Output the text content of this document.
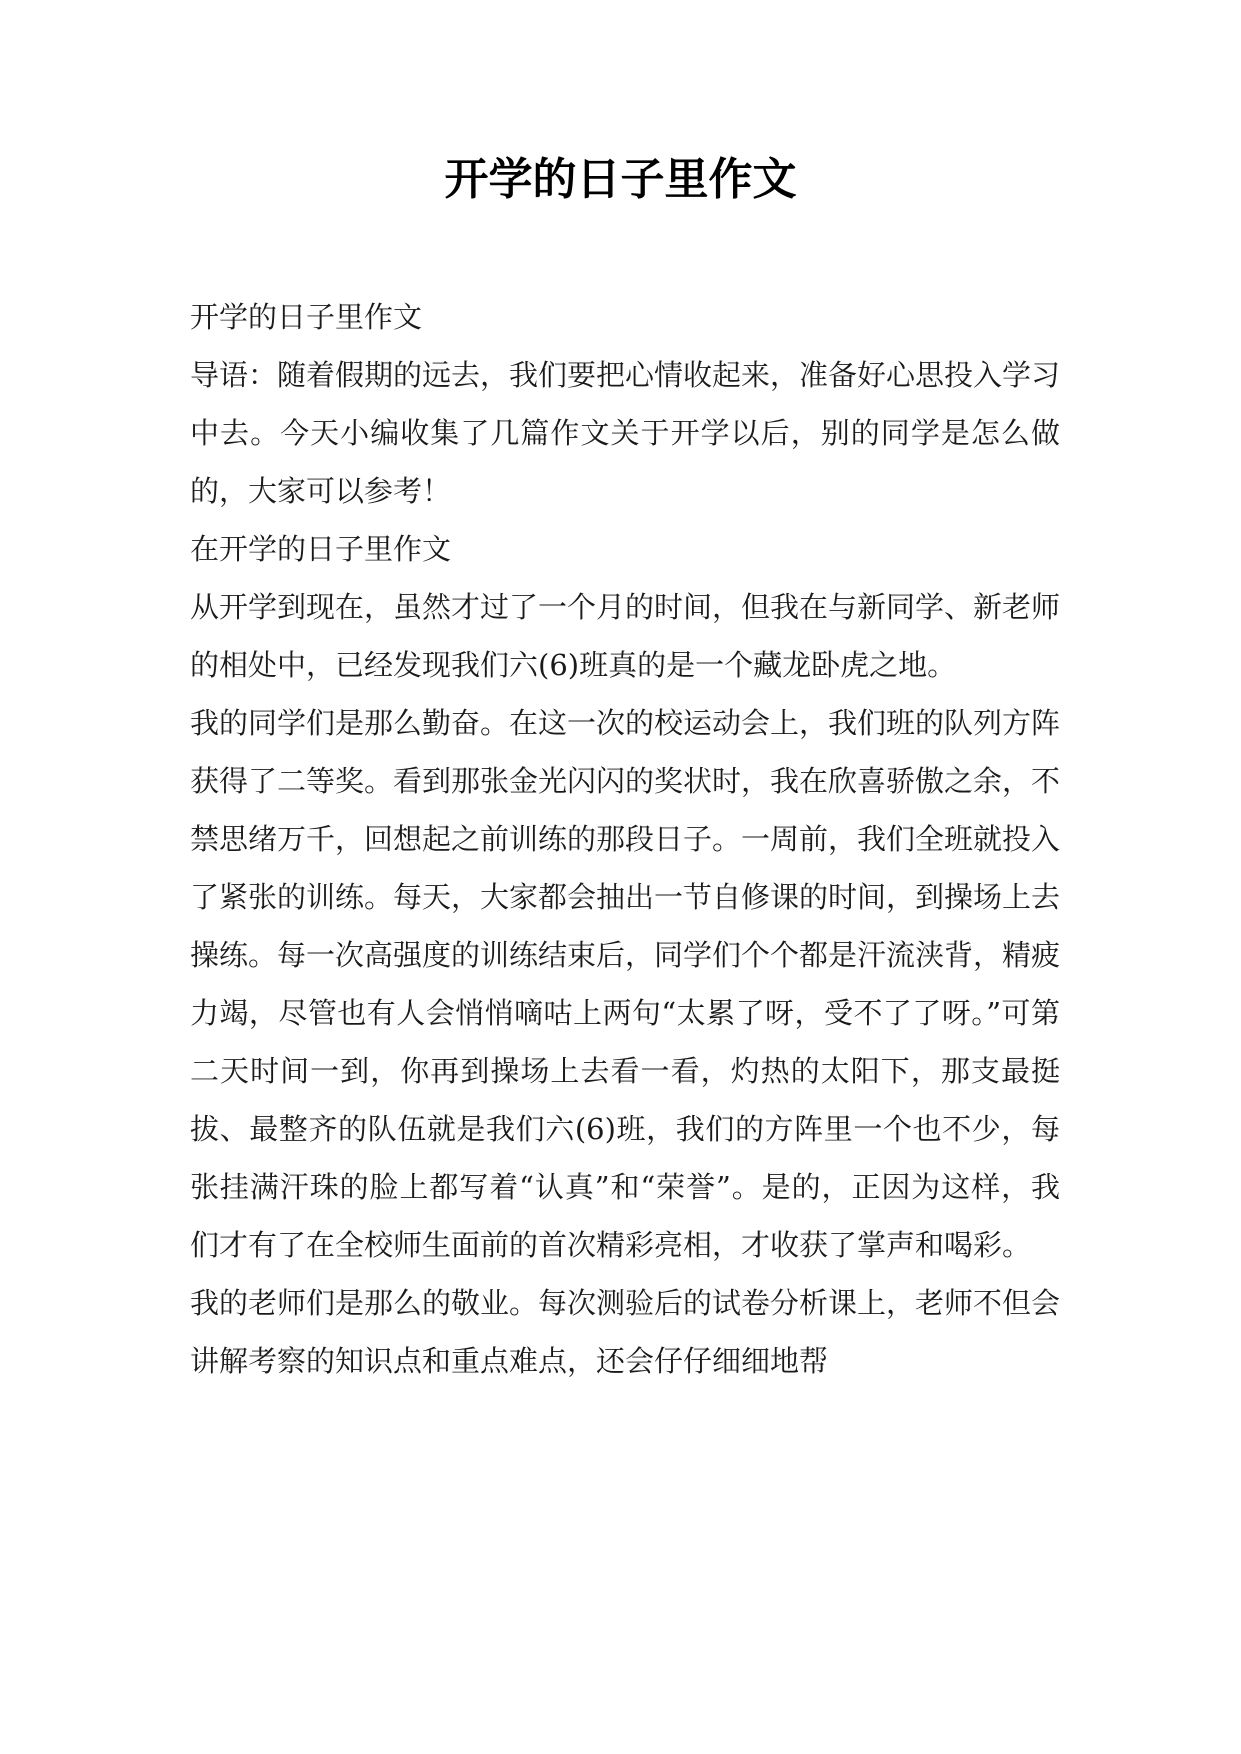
开学的日子里作文

开学的日子里作文

导语：随着假期的远去，我们要把心情收起来，准备好心思投入学习中去。今天小编收集了几篇作文关于开学以后，别的同学是怎么做的，大家可以参考！

在开学的日子里作文

从开学到现在，虽然才过了一个月的时间，但我在与新同学、新老师的相处中，已经发现我们六(6)班真的是一个藏龙卧虎之地。

我的同学们是那么勤奋。在这一次的校运动会上，我们班的队列方阵获得了二等奖。看到那张金光闪闪的奖状时，我在欣喜骄傲之余，不禁思绪万千，回想起之前训练的那段日子。一周前，我们全班就投入了紧张的训练。每天，大家都会抽出一节自修课的时间，到操场上去操练。每一次高强度的训练结束后，同学们个个都是汗流浃背，精疲力竭，尽管也有人会悄悄嘀咕上两句“太累了呀，受不了了呀。”可第二天时间一到，你再到操场上去看一看，灼热的太阳下，那支最挺拔、最整齐的队伍就是我们六(6)班，我们的方阵里一个也不少，每张挂满汗珠的脸上都写着“认真”和“荣誉”。是的，正因为这样，我们才有了在全校师生面前的首次精彩亮相，才收获了掌声和喝彩。

我的老师们是那么的敬业。每次测验后的试卷分析课上，老师不但会讲解考察的知识点和重点难点，还会仔仔细细地帮
